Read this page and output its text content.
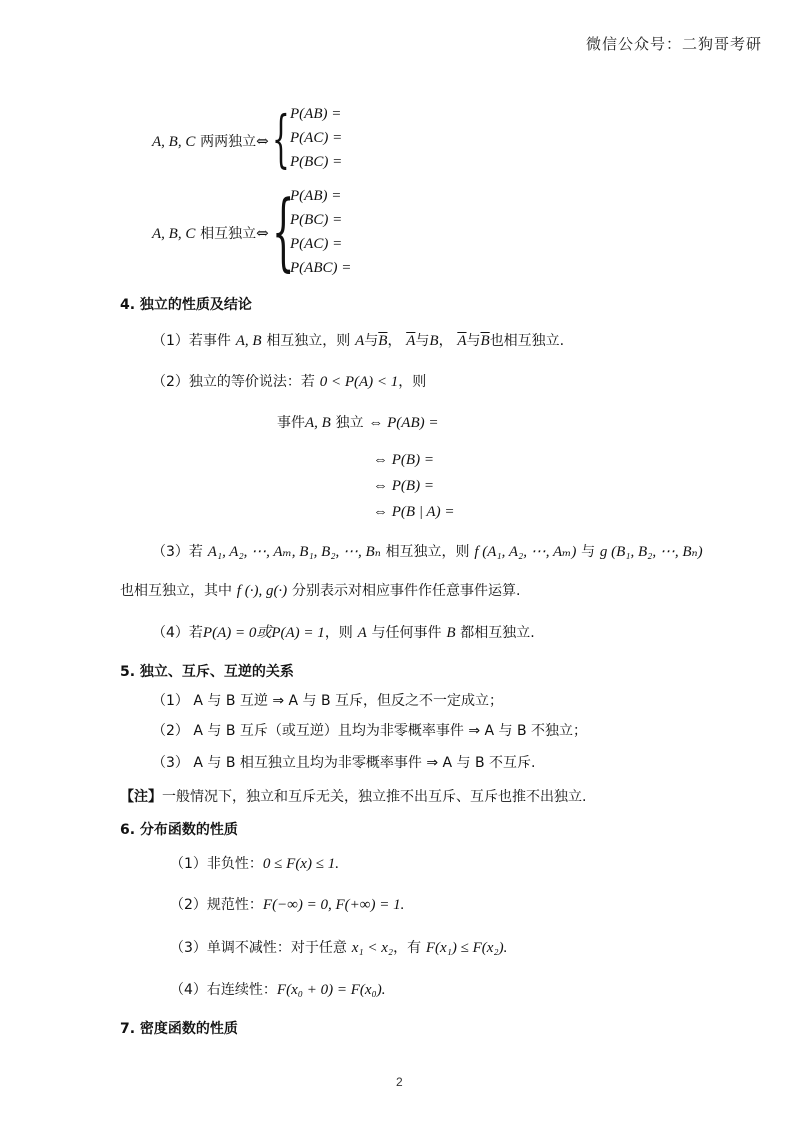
微信公众号：二狗哥考研
A, B, C 两两独立⇔ { P(AB) =
P(AC) =
P(BC) =
A, B, C 相互独立⇔ {
P(AB) =
P(BC) =
P(AC) =
P(ABC) =
4. 独立的性质及结论
（1）若事件 A, B 相互独立，则 A与$\overline{B}$， $\overline{A}$与B， $\overline{A}$与$\overline{B}$也相互独立.
（2）独立的等价说法：若 0 < P(A) < 1，则
事件A, B 独立 ⇔ P(AB) =
⇔ P(B) =
⇔ P(B) =
⇔ P(B | A) =
（3）若 A₁, A₂, ⋯, Aₘ, B₁, B₂, ⋯, Bₙ 相互独立，则 f (A₁, A₂, ⋯, Aₘ) 与 g (B₁, B₂, ⋯, Bₙ)
也相互独立，其中 f (·), g(·) 分别表示对相应事件作任意事件运算.
（4）若P(A) = 0或P(A) = 1，则 A 与任何事件 B 都相互独立.
5. 独立、互斥、互逆的关系
（1） A 与 B 互逆 ⇒ A 与 B 互斥，但反之不一定成立；
（2） A 与 B 互斥（或互逆）且均为非零概率事件 ⇒ A 与 B 不独立；
（3） A 与 B 相互独立且均为非零概率事件 ⇒ A 与 B 不互斥.
【注】一般情况下，独立和互斥无关，独立推不出互斥、互斥也推不出独立.
6. 分布函数的性质
（1）非负性：0 ≤ F(x) ≤ 1.
（2）规范性：F(−∞) = 0, F(+∞) = 1.
（3）单调不减性：对于任意 x₁ < x₂，有 F(x₁) ≤ F(x₂).
（4）右连续性：F(x₀ + 0) = F(x₀).
7. 密度函数的性质
2
